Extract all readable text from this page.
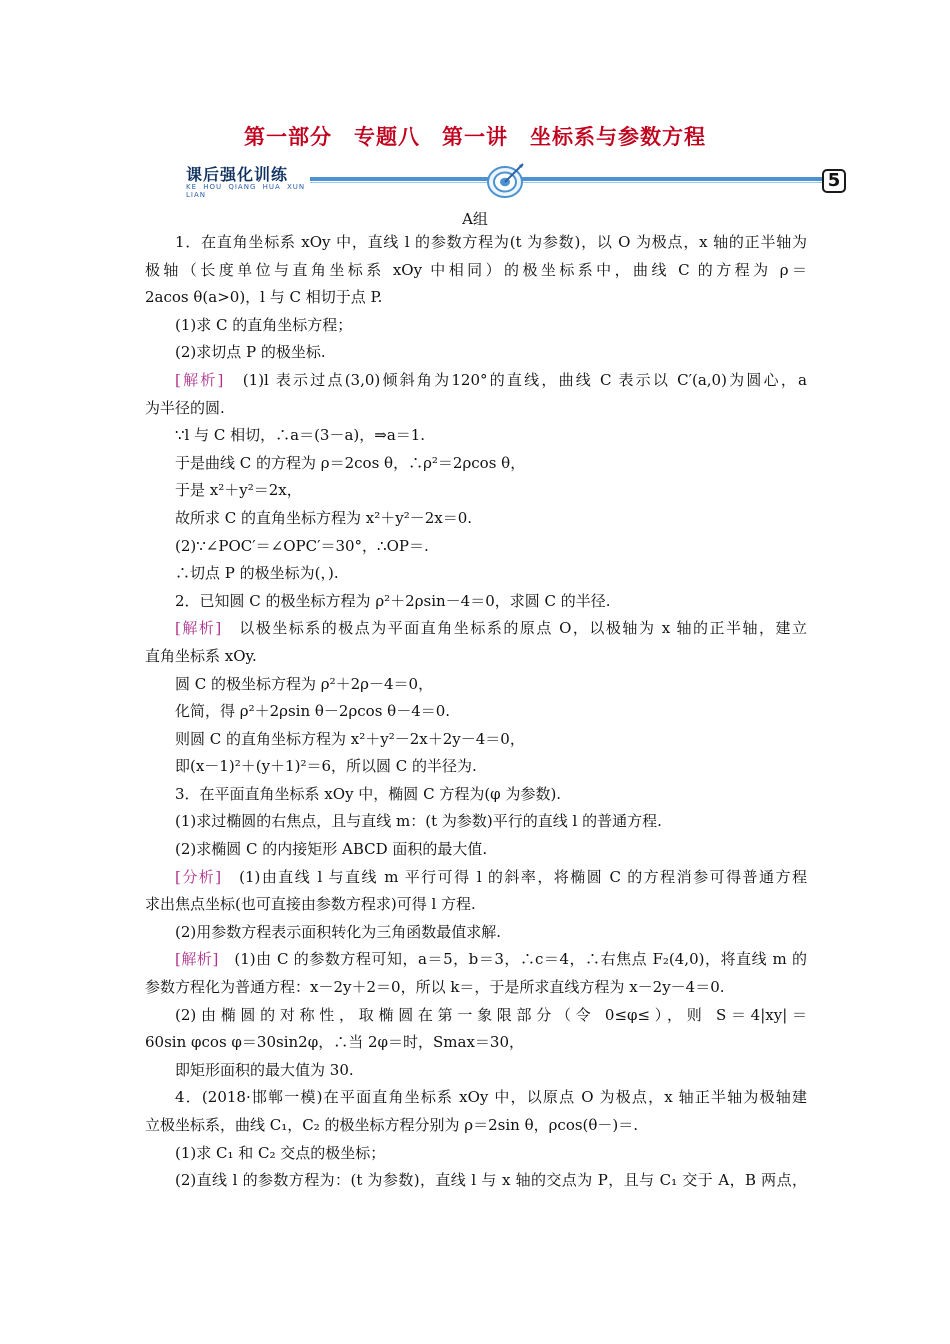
第一部分　专题八　第一讲　坐标系与参数方程
课后强化训练
KE HOU QIANG HUA XUN LIAN
5
A组

1．在直角坐标系 xOy 中，直线 l 的参数方程为(t 为参数)，以 O 为极点，x 轴的正半轴为

极轴（长度单位与直角坐标系 xOy 中相同）的极坐标系中，曲线 C 的方程为 ρ＝

2acos θ(a>0)，l 与 C 相切于点 P.

(1)求 C 的直角坐标方程；

(2)求切点 P 的极坐标.

[解析]　(1)l 表示过点(3,0)倾斜角为120°的直线，曲线 C 表示以 C′(a,0)为圆心，a

为半径的圆.

∵l 与 C 相切，∴a＝(3－a)，⇒a＝1.

于是曲线 C 的方程为 ρ＝2cos θ，∴ρ²＝2ρcos θ，

于是 x²＋y²＝2x，

故所求 C 的直角坐标方程为 x²＋y²－2x＝0.

(2)∵∠POC′＝∠OPC′＝30°，∴OP＝.

∴切点 P 的极坐标为(，).

2．已知圆 C 的极坐标方程为 ρ²＋2ρsin－4＝0，求圆 C 的半径.

[解析]　以极坐标系的极点为平面直角坐标系的原点 O，以极轴为 x 轴的正半轴，建立

直角坐标系 xOy.

圆 C 的极坐标方程为 ρ²＋2ρ－4＝0，

化简，得 ρ²＋2ρsin θ－2ρcos θ－4＝0.

则圆 C 的直角坐标方程为 x²＋y²－2x＋2y－4＝0，

即(x－1)²＋(y＋1)²＝6，所以圆 C 的半径为.

3．在平面直角坐标系 xOy 中，椭圆 C 方程为(φ 为参数).

(1)求过椭圆的右焦点，且与直线 m：(t 为参数)平行的直线 l 的普通方程.

(2)求椭圆 C 的内接矩形 ABCD 面积的最大值.

[分析]　(1)由直线 l 与直线 m 平行可得 l 的斜率，将椭圆 C 的方程消参可得普通方程

求出焦点坐标(也可直接由参数方程求)可得 l 方程.

(2)用参数方程表示面积转化为三角函数最值求解.

[解析]　(1)由 C 的参数方程可知，a＝5，b＝3，∴c＝4，∴右焦点 F₂(4,0)，将直线 m 的

参数方程化为普通方程：x－2y＋2＝0，所以 k＝，于是所求直线方程为 x－2y－4＝0.

(2)由椭圆的对称性，取椭圆在第一象限部分（令 0≤φ≤），则 S＝4|xy|＝

60sin φcos φ＝30sin2φ，∴当 2φ＝时，Smax＝30，

即矩形面积的最大值为 30.

4．(2018·邯郸一模)在平面直角坐标系 xOy 中，以原点 O 为极点，x 轴正半轴为极轴建

立极坐标系，曲线 C₁，C₂ 的极坐标方程分别为 ρ＝2sin θ，ρcos(θ－)＝.

(1)求 C₁ 和 C₂ 交点的极坐标；

(2)直线 l 的参数方程为：(t 为参数)，直线 l 与 x 轴的交点为 P，且与 C₁ 交于 A，B 两点，
